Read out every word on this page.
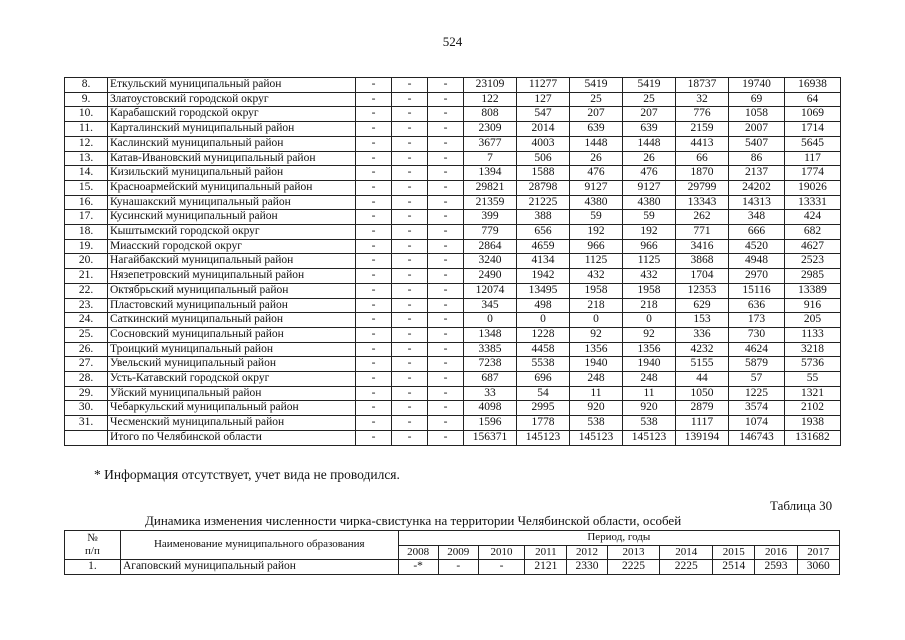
524
8.	Еткульский муниципальный район	-	-	-	23109	11277	5419	5419	18737	19740	16938
9.	Златоустовский городской округ	-	-	-	122	127	25	25	32	69	64
10.	Карабашский городской округ	-	-	-	808	547	207	207	776	1058	1069
11.	Карталинский муниципальный район	-	-	-	2309	2014	639	639	2159	2007	1714
12.	Каслинский муниципальный район	-	-	-	3677	4003	1448	1448	4413	5407	5645
13.	Катав-Ивановский муниципальный район	-	-	-	7	506	26	26	66	86	117
14.	Кизильский муниципальный район	-	-	-	1394	1588	476	476	1870	2137	1774
15.	Красноармейский муниципальный район	-	-	-	29821	28798	9127	9127	29799	24202	19026
16.	Кунашакский муниципальный район	-	-	-	21359	21225	4380	4380	13343	14313	13331
17.	Кусинский муниципальный район	-	-	-	399	388	59	59	262	348	424
18.	Кыштымский городской округ	-	-	-	779	656	192	192	771	666	682
19.	Миасский городской округ	-	-	-	2864	4659	966	966	3416	4520	4627
20.	Нагайбакский муниципальный район	-	-	-	3240	4134	1125	1125	3868	4948	2523
21.	Нязепетровский муниципальный район	-	-	-	2490	1942	432	432	1704	2970	2985
22.	Октябрьский муниципальный район	-	-	-	12074	13495	1958	1958	12353	15116	13389
23.	Пластовский муниципальный район	-	-	-	345	498	218	218	629	636	916
24.	Саткинский муниципальный район	-	-	-	0	0	0	0	153	173	205
25.	Сосновский муниципальный район	-	-	-	1348	1228	92	92	336	730	1133
26.	Троицкий муниципальный район	-	-	-	3385	4458	1356	1356	4232	4624	3218
27.	Увельский муниципальный район	-	-	-	7238	5538	1940	1940	5155	5879	5736
28.	Усть-Катавский городской округ	-	-	-	687	696	248	248	44	57	55
29.	Уйский муниципальный район	-	-	-	33	54	11	11	1050	1225	1321
30.	Чебаркульский муниципальный район	-	-	-	4098	2995	920	920	2879	3574	2102
31.	Чесменский муниципальный район	-	-	-	1596	1778	538	538	1117	1074	1938
	Итого по Челябинской области	-	-	-	156371	145123	145123	145123	139194	146743	131682
* Информация отсутствует, учет вида не проводился.
Таблица 30
Динамика изменения численности чирка-свистунка на территории Челябинской области, особей
№
п/п	Наименование муниципального образования	Период, годы									
		2008	2009	2010	2011	2012	2013	2014	2015	2016	2017
1.	Агаповский муниципальный район	-*	-	-	2121	2330	2225	2225	2514	2593	3060
